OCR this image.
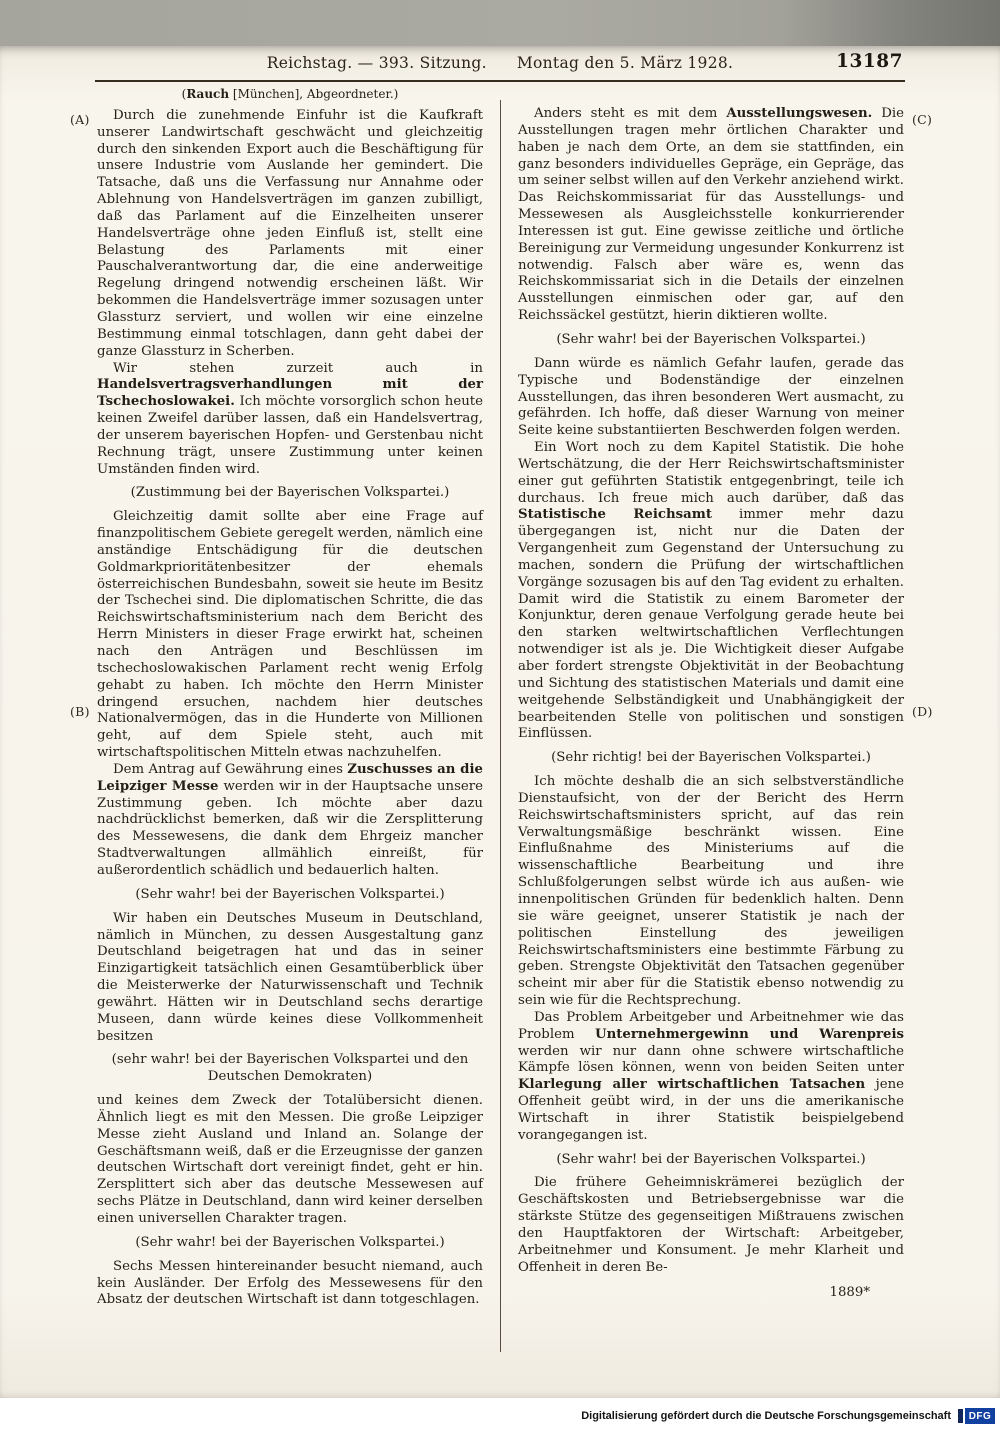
Reichstag. — 393. Sitzung. Montag den 5. März 1928.	13187
(A)
(B)
(C)
(D)

(Rauch [München], Abgeordneter.)

Durch die zunehmende Einfuhr ist die Kaufkraft unserer Landwirtschaft geschwächt und gleichzeitig durch den sinkenden Export auch die Beschäftigung für unsere Industrie vom Auslande her gemindert. Die Tatsache, daß uns die Verfassung nur Annahme oder Ablehnung von Handelsverträgen im ganzen zubilligt, daß das Parlament auf die Einzelheiten unserer Handelsverträge ohne jeden Einfluß ist, stellt eine Belastung des Parlaments mit einer Pauschalverantwortung dar, die eine anderweitige Regelung dringend notwendig erscheinen läßt. Wir bekommen die Handelsverträge immer sozusagen unter Glassturz serviert, und wollen wir eine einzelne Bestimmung einmal totschlagen, dann geht dabei der ganze Glassturz in Scherben.

Wir stehen zurzeit auch in Handelsvertragsverhandlungen mit der Tschechoslowakei. Ich möchte vorsorglich schon heute keinen Zweifel darüber lassen, daß ein Handelsvertrag, der unserem bayerischen Hopfen- und Gerstenbau nicht Rechnung trägt, unsere Zustimmung unter keinen Umständen finden wird.

(Zustimmung bei der Bayerischen Volkspartei.)

Gleichzeitig damit sollte aber eine Frage auf finanzpolitischem Gebiete geregelt werden, nämlich eine anständige Entschädigung für die deutschen Goldmarkprioritätenbesitzer der ehemals österreichischen Bundesbahn, soweit sie heute im Besitz der Tschechei sind. Die diplomatischen Schritte, die das Reichswirtschaftsministerium nach dem Bericht des Herrn Ministers in dieser Frage erwirkt hat, scheinen nach den Anträgen und Beschlüssen im tschechoslowakischen Parlament recht wenig Erfolg gehabt zu haben. Ich möchte den Herrn Minister dringend ersuchen, nachdem hier deutsches Nationalvermögen, das in die Hunderte von Millionen geht, auf dem Spiele steht, auch mit wirtschaftspolitischen Mitteln etwas nachzuhelfen.

Dem Antrag auf Gewährung eines Zuschusses an die Leipziger Messe werden wir in der Hauptsache unsere Zustimmung geben. Ich möchte aber dazu nachdrücklichst bemerken, daß wir die Zersplitterung des Messewesens, die dank dem Ehrgeiz mancher Stadtverwaltungen allmählich einreißt, für außerordentlich schädlich und bedauerlich halten.

(Sehr wahr! bei der Bayerischen Volkspartei.)

Wir haben ein Deutsches Museum in Deutschland, nämlich in München, zu dessen Ausgestaltung ganz Deutschland beigetragen hat und das in seiner Einzigartigkeit tatsächlich einen Gesamtüberblick über die Meisterwerke der Naturwissenschaft und Technik gewährt. Hätten wir in Deutschland sechs derartige Museen, dann würde keines diese Vollkommenheit besitzen

(sehr wahr! bei der Bayerischen Volkspartei und den Deutschen Demokraten)

und keines dem Zweck der Totalübersicht dienen. Ähnlich liegt es mit den Messen. Die große Leipziger Messe zieht Ausland und Inland an. Solange der Geschäftsmann weiß, daß er die Erzeugnisse der ganzen deutschen Wirtschaft dort vereinigt findet, geht er hin. Zersplittert sich aber das deutsche Messewesen auf sechs Plätze in Deutschland, dann wird keiner derselben einen universellen Charakter tragen.

(Sehr wahr! bei der Bayerischen Volkspartei.)

Sechs Messen hintereinander besucht niemand, auch kein Ausländer. Der Erfolg des Messewesens für den Absatz der deutschen Wirtschaft ist dann totgeschlagen.

Anders steht es mit dem Ausstellungswesen. Die Ausstellungen tragen mehr örtlichen Charakter und haben je nach dem Orte, an dem sie stattfinden, ein ganz besonders individuelles Gepräge, ein Gepräge, das um seiner selbst willen auf den Verkehr anziehend wirkt. Das Reichskommissariat für das Ausstellungs- und Messewesen als Ausgleichsstelle konkurrierender Interessen ist gut. Eine gewisse zeitliche und örtliche Bereinigung zur Vermeidung ungesunder Konkurrenz ist notwendig. Falsch aber wäre es, wenn das Reichskommissariat sich in die Details der einzelnen Ausstellungen einmischen oder gar, auf den Reichssäckel gestützt, hierin diktieren wollte.

(Sehr wahr! bei der Bayerischen Volkspartei.)

Dann würde es nämlich Gefahr laufen, gerade das Typische und Bodenständige der einzelnen Ausstellungen, das ihren besonderen Wert ausmacht, zu gefährden. Ich hoffe, daß dieser Warnung von meiner Seite keine substantiierten Beschwerden folgen werden.

Ein Wort noch zu dem Kapitel Statistik. Die hohe Wertschätzung, die der Herr Reichswirtschaftsminister einer gut geführten Statistik entgegenbringt, teile ich durchaus. Ich freue mich auch darüber, daß das Statistische Reichsamt immer mehr dazu übergegangen ist, nicht nur die Daten der Vergangenheit zum Gegenstand der Untersuchung zu machen, sondern die Prüfung der wirtschaftlichen Vorgänge sozusagen bis auf den Tag evident zu erhalten. Damit wird die Statistik zu einem Barometer der Konjunktur, deren genaue Verfolgung gerade heute bei den starken weltwirtschaftlichen Verflechtungen notwendiger ist als je. Die Wichtigkeit dieser Aufgabe aber fordert strengste Objektivität in der Beobachtung und Sichtung des statistischen Materials und damit eine weitgehende Selbständigkeit und Unabhängigkeit der bearbeitenden Stelle von politischen und sonstigen Einflüssen.

(Sehr richtig! bei der Bayerischen Volkspartei.)

Ich möchte deshalb die an sich selbstverständliche Dienstaufsicht, von der der Bericht des Herrn Reichswirtschaftsministers spricht, auf das rein Verwaltungsmäßige beschränkt wissen. Eine Einflußnahme des Ministeriums auf die wissenschaftliche Bearbeitung und ihre Schlußfolgerungen selbst würde ich aus außen- wie innenpolitischen Gründen für bedenklich halten. Denn sie wäre geeignet, unserer Statistik je nach der politischen Einstellung des jeweiligen Reichswirtschaftsministers eine bestimmte Färbung zu geben. Strengste Objektivität den Tatsachen gegenüber scheint mir aber für die Statistik ebenso notwendig zu sein wie für die Rechtsprechung.

Das Problem Arbeitgeber und Arbeitnehmer wie das Problem Unternehmergewinn und Warenpreis werden wir nur dann ohne schwere wirtschaftliche Kämpfe lösen können, wenn von beiden Seiten unter Klarlegung aller wirtschaftlichen Tatsachen jene Offenheit geübt wird, in der uns die amerikanische Wirtschaft in ihrer Statistik beispielgebend vorangegangen ist.

(Sehr wahr! bei der Bayerischen Volkspartei.)

Die frühere Geheimniskrämerei bezüglich der Geschäftskosten und Betriebsergebnisse war die stärkste Stütze des gegenseitigen Mißtrauens zwischen den Hauptfaktoren der Wirtschaft: Arbeitgeber, Arbeitnehmer und Konsument. Je mehr Klarheit und Offenheit in deren Be-

1889*

Digitalisierung gefördert durch die Deutsche Forschungsgemeinschaft	DFG
